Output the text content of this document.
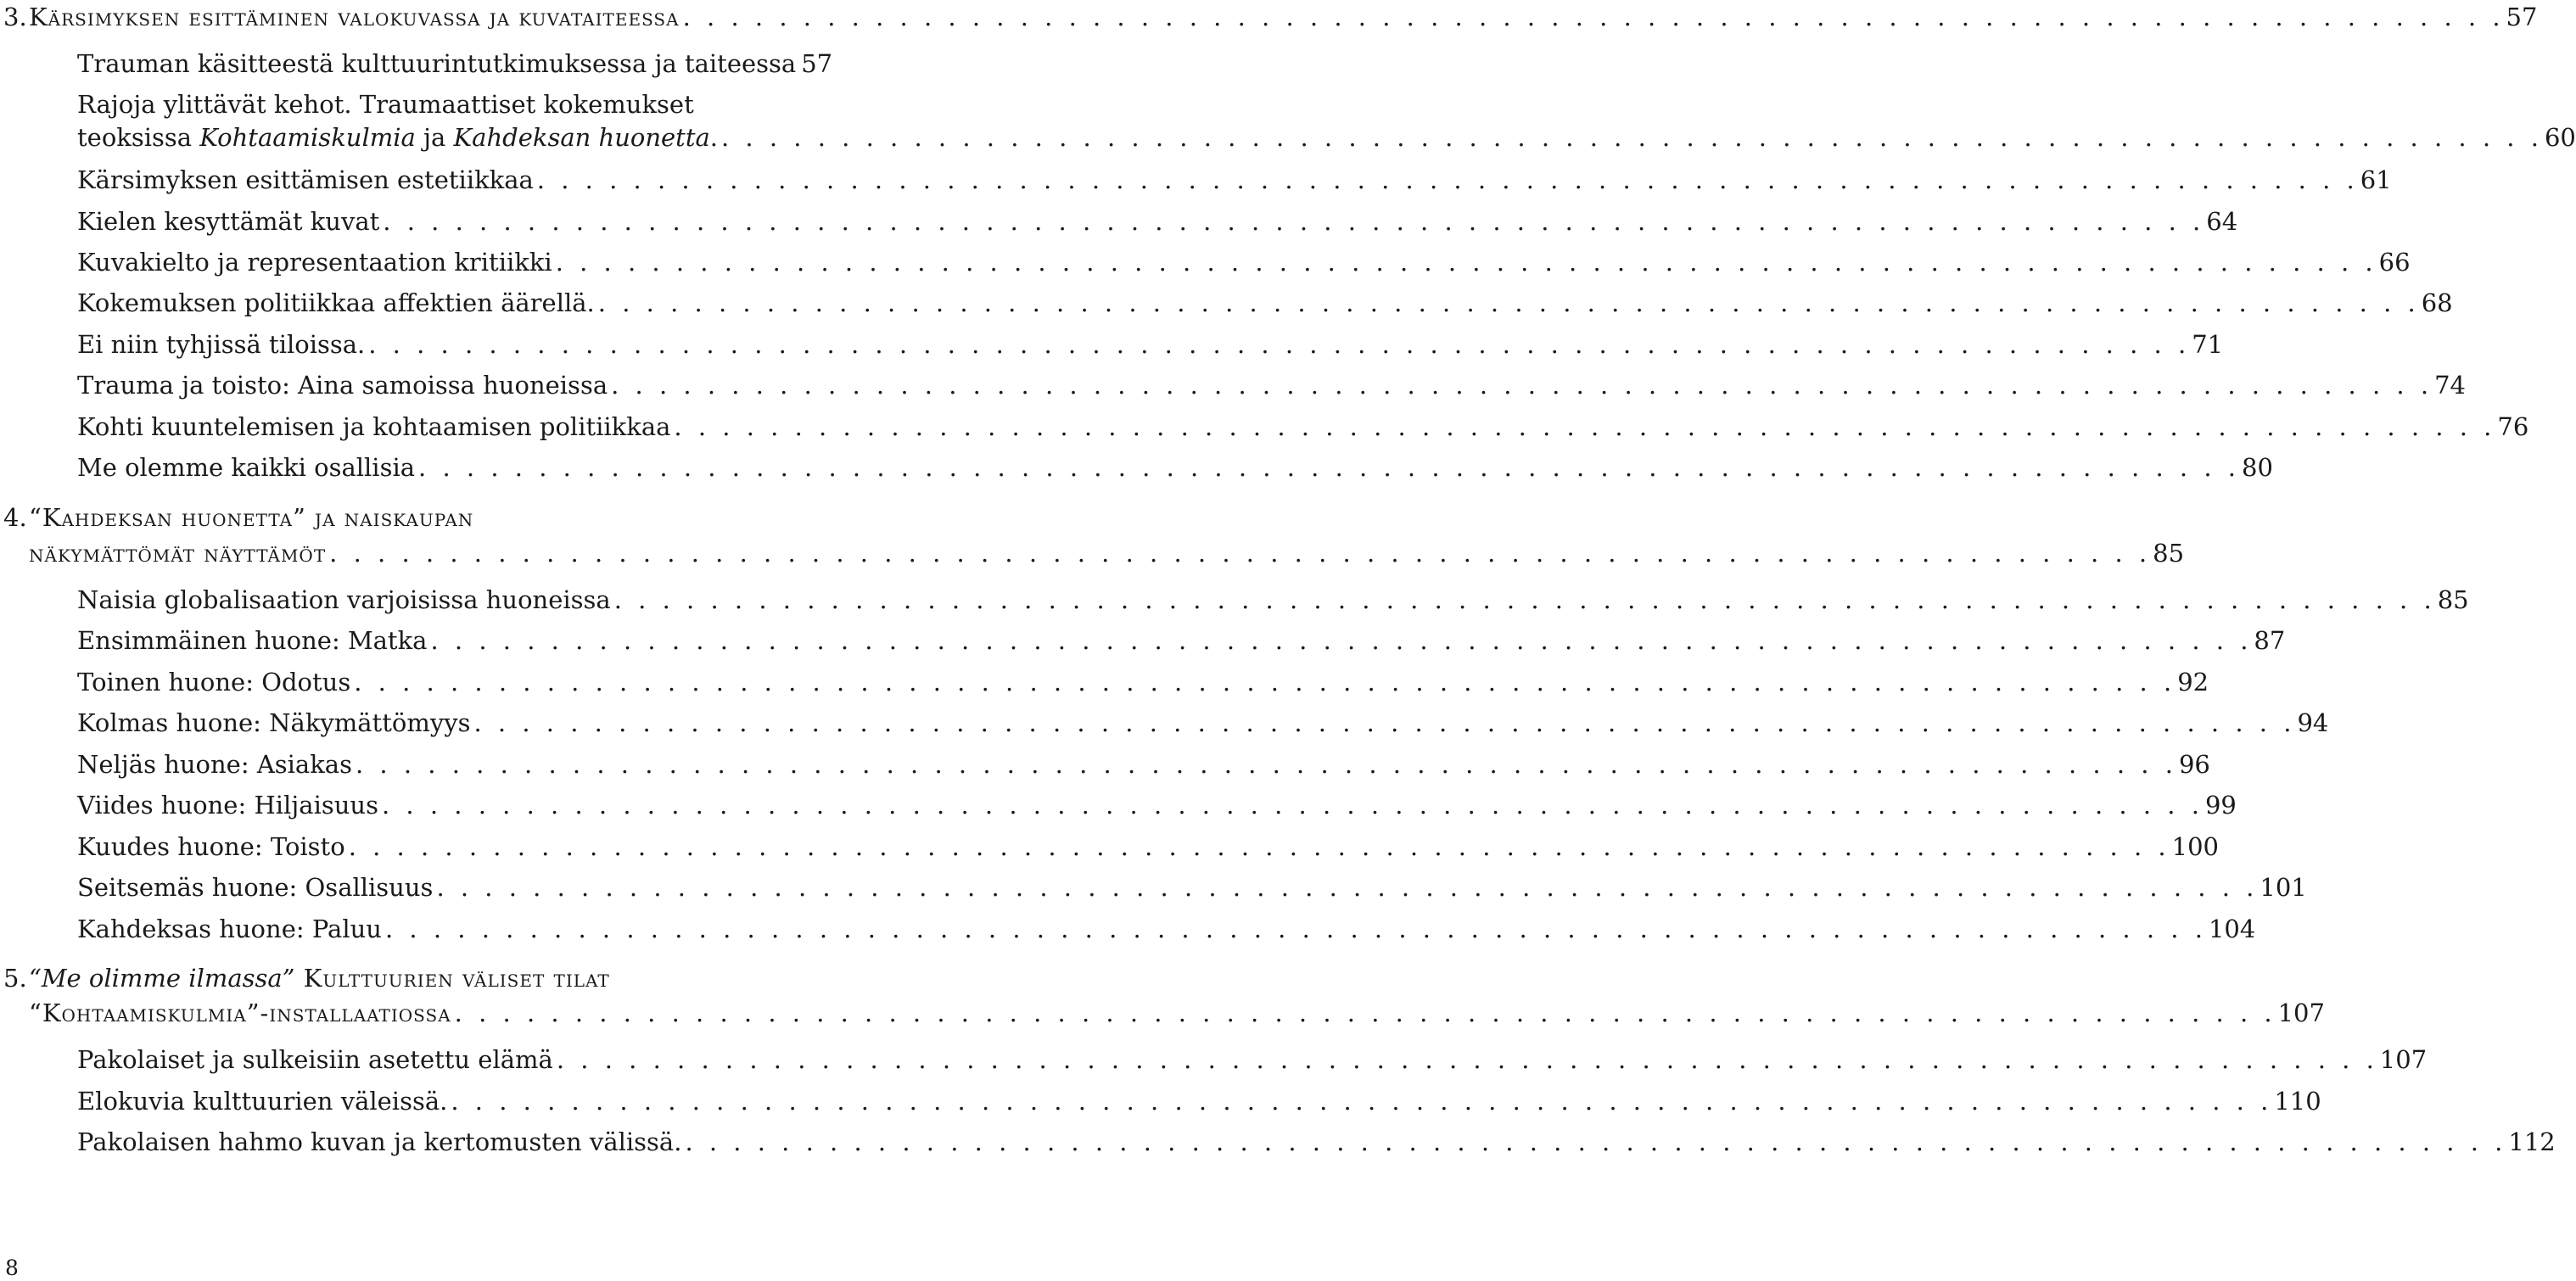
3. Kärsimyksen esittäminen valokuvassa ja kuvataiteessa . . . . . . . . . . . . . . . . . . . . . . . . . . . . . . . . . . . . . . . . . . . . . . . . . . . . . . . . . . . . . . . . . . . . . . . . . . . . 57
Trauman käsitteestä kulttuurintutkimuksessa ja taiteessa 57
Rajoja ylittävät kehot. Traumaattiset kokemukset
teoksissa Kohtaamiskulmia ja Kahdeksan huonetta. . . . . . . . . . . . . . . . . . . . . . . . . . . . . . . . . . . . . . . . . . . . . . . . . . . . . . . . . . . . . . . . . . . . . . . . . . . . . 60
Kärsimyksen esittämisen estetiikkaa . . . . . . . . . . . . . . . . . . . . . . . . . . . . . . . . . . . . . . . . . . . . . . . . . . . . . . . . . . . . . . . . . . . . . . . . . . . . 61
Kielen kesyttämät kuvat . . . . . . . . . . . . . . . . . . . . . . . . . . . . . . . . . . . . . . . . . . . . . . . . . . . . . . . . . . . . . . . . . . . . . . . . . . . . 64
Kuvakielto ja representaation kritiikki . . . . . . . . . . . . . . . . . . . . . . . . . . . . . . . . . . . . . . . . . . . . . . . . . . . . . . . . . . . . . . . . . . . . . . . . . . . . 66
Kokemuksen politiikkaa affektien äärellä. . . . . . . . . . . . . . . . . . . . . . . . . . . . . . . . . . . . . . . . . . . . . . . . . . . . . . . . . . . . . . . . . . . . . . . . . . . . . 68
Ei niin tyhjissä tiloissa. . . . . . . . . . . . . . . . . . . . . . . . . . . . . . . . . . . . . . . . . . . . . . . . . . . . . . . . . . . . . . . . . . . . . . . . . . . . . 71
Trauma ja toisto: Aina samoissa huoneissa . . . . . . . . . . . . . . . . . . . . . . . . . . . . . . . . . . . . . . . . . . . . . . . . . . . . . . . . . . . . . . . . . . . . . . . . . . . . 74
Kohti kuuntelemisen ja kohtaamisen politiikkaa . . . . . . . . . . . . . . . . . . . . . . . . . . . . . . . . . . . . . . . . . . . . . . . . . . . . . . . . . . . . . . . . . . . . . . . . . . . . 76
Me olemme kaikki osallisia . . . . . . . . . . . . . . . . . . . . . . . . . . . . . . . . . . . . . . . . . . . . . . . . . . . . . . . . . . . . . . . . . . . . . . . . . . . . 80
4.“Kahdeksan huonetta” ja naiskaupan
näkymättömät näyttämöt . . . . . . . . . . . . . . . . . . . . . . . . . . . . . . . . . . . . . . . . . . . . . . . . . . . . . . . . . . . . . . . . . . . . . . . . . . . . 85
Naisia globalisaation varjoisissa huoneissa . . . . . . . . . . . . . . . . . . . . . . . . . . . . . . . . . . . . . . . . . . . . . . . . . . . . . . . . . . . . . . . . . . . . . . . . . . . . 85
Ensimmäinen huone: Matka . . . . . . . . . . . . . . . . . . . . . . . . . . . . . . . . . . . . . . . . . . . . . . . . . . . . . . . . . . . . . . . . . . . . . . . . . . . . 87
Toinen huone: Odotus . . . . . . . . . . . . . . . . . . . . . . . . . . . . . . . . . . . . . . . . . . . . . . . . . . . . . . . . . . . . . . . . . . . . . . . . . . . . 92
Kolmas huone: Näkymättömyys . . . . . . . . . . . . . . . . . . . . . . . . . . . . . . . . . . . . . . . . . . . . . . . . . . . . . . . . . . . . . . . . . . . . . . . . . . . . 94
Neljäs huone: Asiakas . . . . . . . . . . . . . . . . . . . . . . . . . . . . . . . . . . . . . . . . . . . . . . . . . . . . . . . . . . . . . . . . . . . . . . . . . . . . 96
Viides huone: Hiljaisuus . . . . . . . . . . . . . . . . . . . . . . . . . . . . . . . . . . . . . . . . . . . . . . . . . . . . . . . . . . . . . . . . . . . . . . . . . . . . 99
Kuudes huone: Toisto . . . . . . . . . . . . . . . . . . . . . . . . . . . . . . . . . . . . . . . . . . . . . . . . . . . . . . . . . . . . . . . . . . . . . . . . . . . . 100
Seitsemäs huone: Osallisuus . . . . . . . . . . . . . . . . . . . . . . . . . . . . . . . . . . . . . . . . . . . . . . . . . . . . . . . . . . . . . . . . . . . . . . . . . . . . 101
Kahdeksas huone: Paluu . . . . . . . . . . . . . . . . . . . . . . . . . . . . . . . . . . . . . . . . . . . . . . . . . . . . . . . . . . . . . . . . . . . . . . . . . . . . 104
5.“Me olimme ilmassa” Kulttuurien väliset tilat
“Kohtaamiskulmia”-installaatiossa . . . . . . . . . . . . . . . . . . . . . . . . . . . . . . . . . . . . . . . . . . . . . . . . . . . . . . . . . . . . . . . . . . . . . . . . . . . . 107
Pakolaiset ja sulkeisiin asetettu elämä . . . . . . . . . . . . . . . . . . . . . . . . . . . . . . . . . . . . . . . . . . . . . . . . . . . . . . . . . . . . . . . . . . . . . . . . . . . . 107
Elokuvia kulttuurien väleissä. . . . . . . . . . . . . . . . . . . . . . . . . . . . . . . . . . . . . . . . . . . . . . . . . . . . . . . . . . . . . . . . . . . . . . . . . . . . . 110
Pakolaisen hahmo kuvan ja kertomusten välissä. . . . . . . . . . . . . . . . . . . . . . . . . . . . . . . . . . . . . . . . . . . . . . . . . . . . . . . . . . . . . . . . . . . . . . . . . . . . . 112
8
